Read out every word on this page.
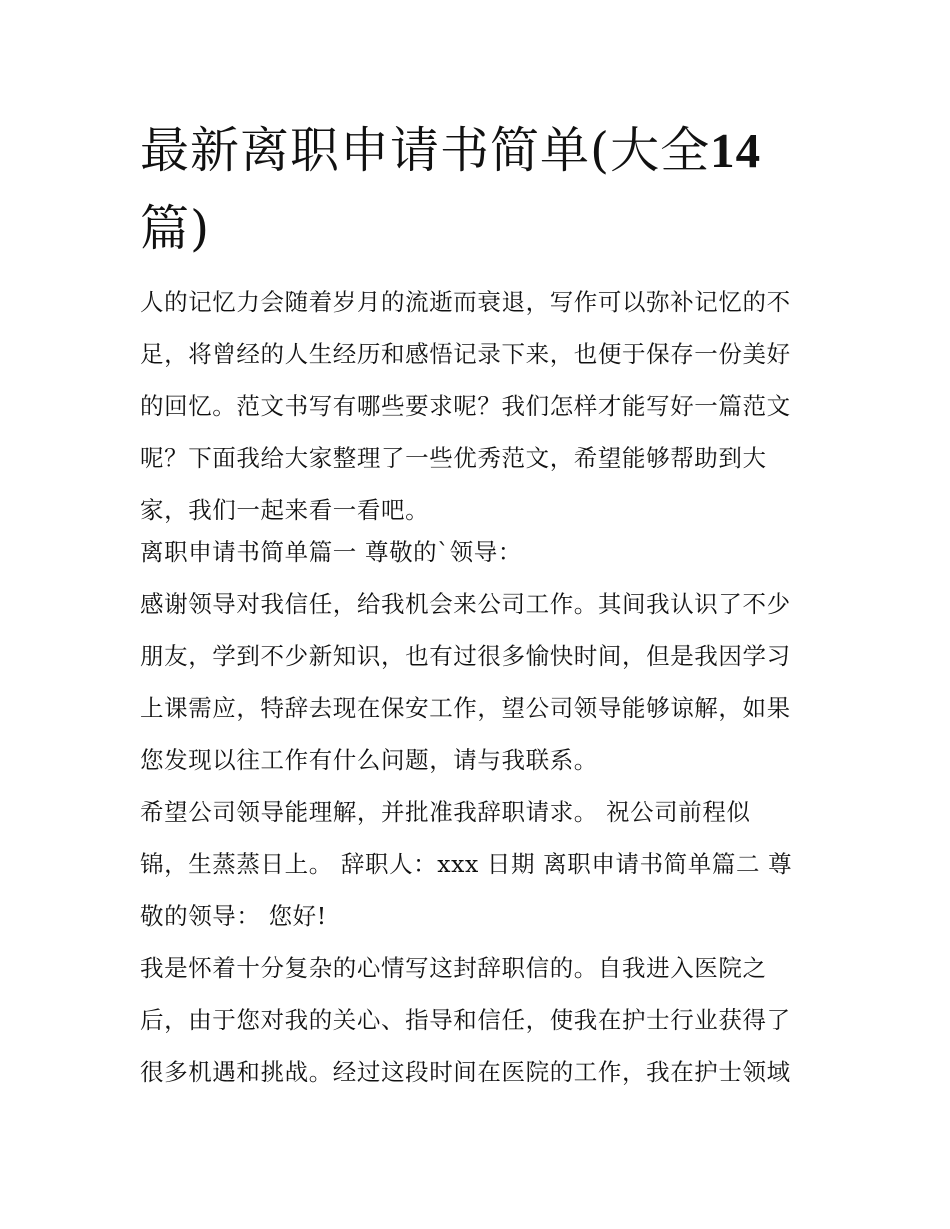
最新离职申请书简单(大全14
篇)

人的记忆力会随着岁月的流逝而衰退，写作可以弥补记忆的不
足，将曾经的人生经历和感悟记录下来，也便于保存一份美好
的回忆。范文书写有哪些要求呢？我们怎样才能写好一篇范文
呢？下面我给大家整理了一些优秀范文，希望能够帮助到大
家，我们一起来看一看吧。

离职申请书简单篇一 尊敬的`领导：

感谢领导对我信任，给我机会来公司工作。其间我认识了不少
朋友，学到不少新知识，也有过很多愉快时间，但是我因学习
上课需应，特辞去现在保安工作，望公司领导能够谅解，如果
您发现以往工作有什么问题，请与我联系。

希望公司领导能理解，并批准我辞职请求。 祝公司前程似
锦，生蒸蒸日上。 辞职人：xxx 日期 离职申请书简单篇二 尊
敬的领导： 您好!

我是怀着十分复杂的心情写这封辞职信的。自我进入医院之
后，由于您对我的关心、指导和信任，使我在护士行业获得了
很多机遇和挑战。经过这段时间在医院的工作，我在护士领域
